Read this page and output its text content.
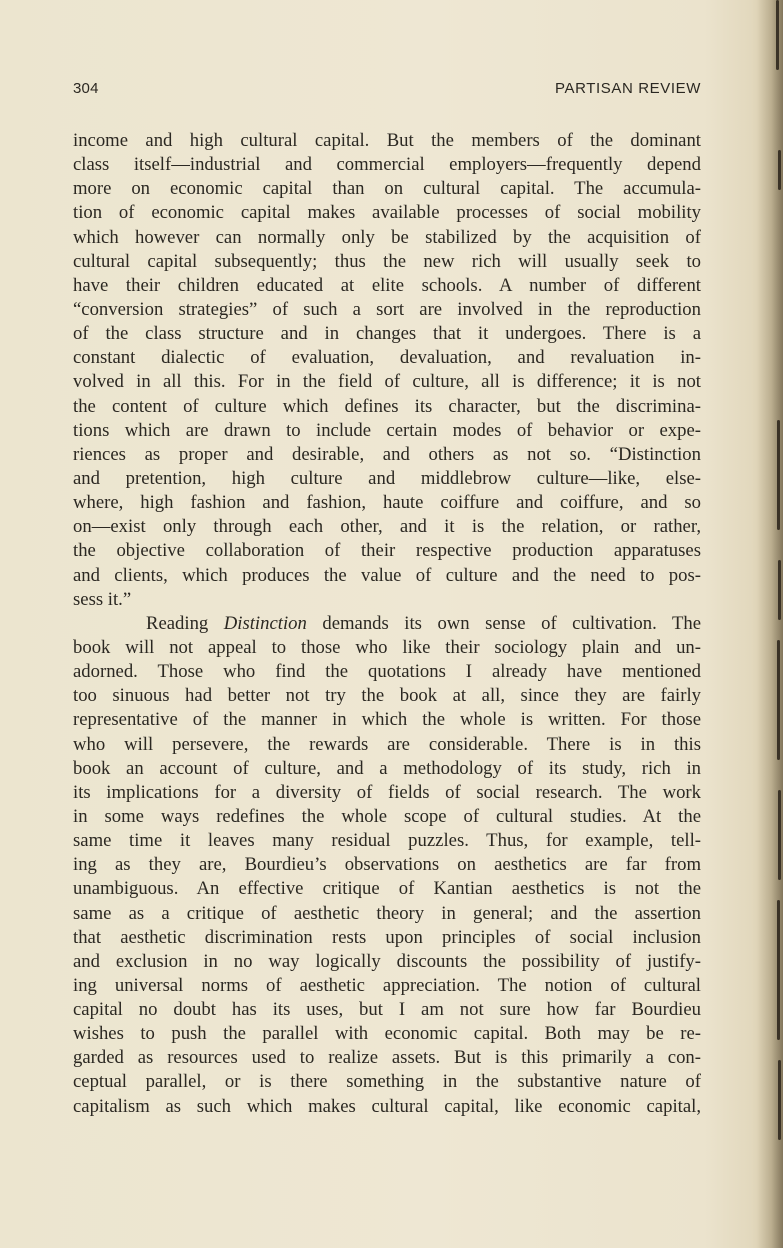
304	PARTISAN REVIEW
income and high cultural capital. But the members of the dominant
class itself—industrial and commercial employers—frequently depend
more on economic capital than on cultural capital. The accumula-
tion of economic capital makes available processes of social mobility
which however can normally only be stabilized by the acquisition of
cultural capital subsequently; thus the new rich will usually seek to
have their children educated at elite schools. A number of different
“conversion strategies” of such a sort are involved in the reproduction
of the class structure and in changes that it undergoes. There is a
constant dialectic of evaluation, devaluation, and revaluation in-
volved in all this. For in the field of culture, all is difference; it is not
the content of culture which defines its character, but the discrimina-
tions which are drawn to include certain modes of behavior or expe-
riences as proper and desirable, and others as not so. “Distinction
and pretention, high culture and middlebrow culture—like, else-
where, high fashion and fashion, haute coiffure and coiffure, and so
on—exist only through each other, and it is the relation, or rather,
the objective collaboration of their respective production apparatuses
and clients, which produces the value of culture and the need to pos-
sess it.”
Reading Distinction demands its own sense of cultivation. The
book will not appeal to those who like their sociology plain and un-
adorned. Those who find the quotations I already have mentioned
too sinuous had better not try the book at all, since they are fairly
representative of the manner in which the whole is written. For those
who will persevere, the rewards are considerable. There is in this
book an account of culture, and a methodology of its study, rich in
its implications for a diversity of fields of social research. The work
in some ways redefines the whole scope of cultural studies. At the
same time it leaves many residual puzzles. Thus, for example, tell-
ing as they are, Bourdieu’s observations on aesthetics are far from
unambiguous. An effective critique of Kantian aesthetics is not the
same as a critique of aesthetic theory in general; and the assertion
that aesthetic discrimination rests upon principles of social inclusion
and exclusion in no way logically discounts the possibility of justify-
ing universal norms of aesthetic appreciation. The notion of cultural
capital no doubt has its uses, but I am not sure how far Bourdieu
wishes to push the parallel with economic capital. Both may be re-
garded as resources used to realize assets. But is this primarily a con-
ceptual parallel, or is there something in the substantive nature of
capitalism as such which makes cultural capital, like economic capital,
